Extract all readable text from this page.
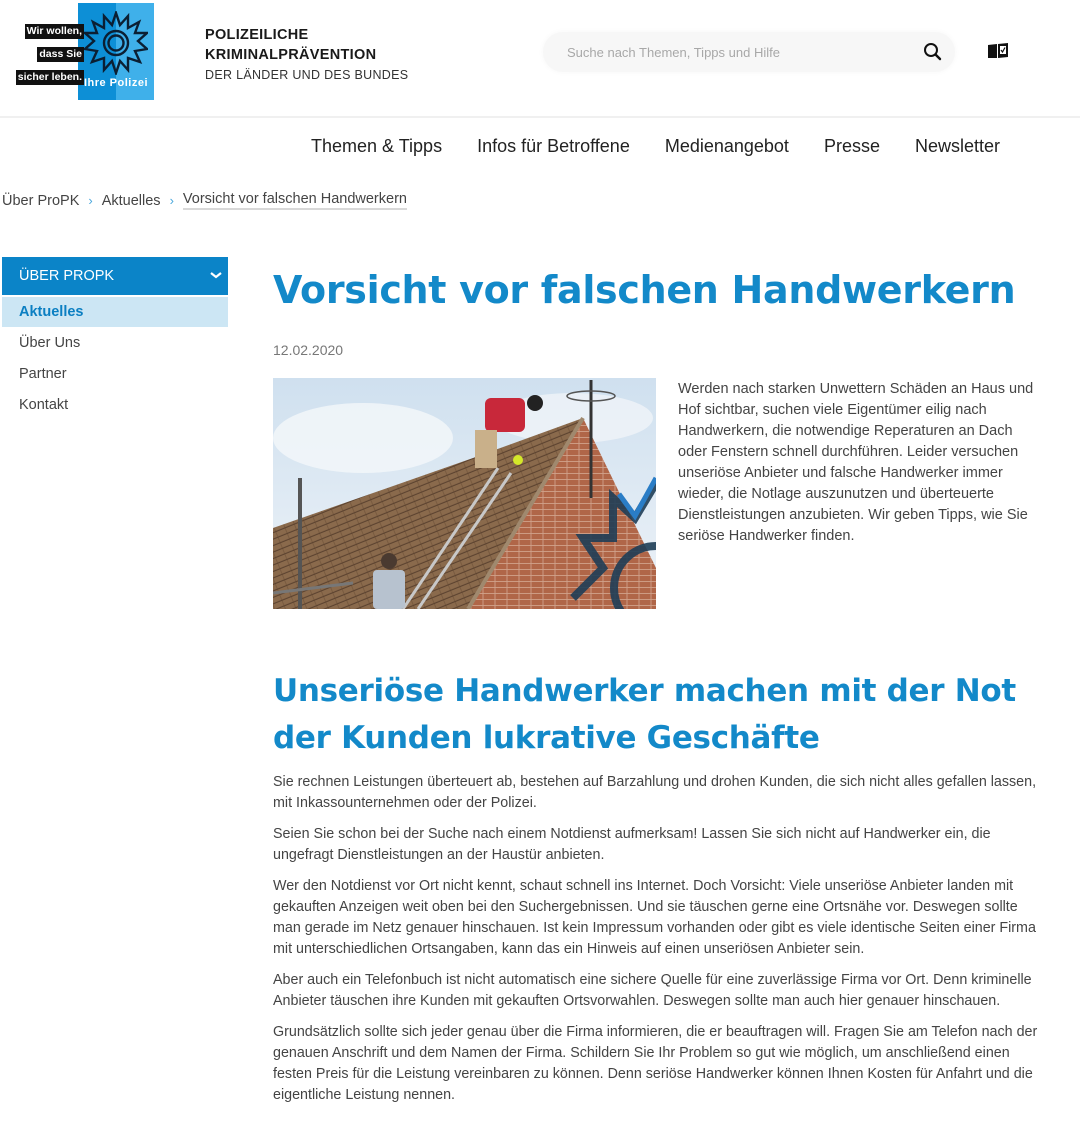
Ihre Polizei
Wir wollen,
dass Sie
sicher leben.
POLIZEILICHE
KRIMINALPRÄVENTION
DER LÄNDER UND DES BUNDES
Suche nach Themen, Tipps und Hilfe
Themen & Tipps Infos für Betroffene Medienangebot Presse Newsletter
Über ProPK › Aktuelles › Vorsicht vor falschen Handwerkern
ÜBER PROPK
Aktuelles
Über Uns
Partner
Kontakt
Vorsicht vor falschen Handwerkern
12.02.2020

Werden nach starken Unwettern Schäden an Haus und Hof sichtbar, suchen viele Eigentümer eilig nach Handwerkern, die notwendige Reperaturen an Dach oder Fenstern schnell durchführen. Leider versuchen unseriöse Anbieter und falsche Handwerker immer wieder, die Notlage auszunutzen und überteuerte Dienstleistungen anzubieten. Wir geben Tipps, wie Sie seriöse Handwerker finden.

Unseriöse Handwerker machen mit der Not der Kunden lukrative Geschäfte

Sie rechnen Leistungen überteuert ab, bestehen auf Barzahlung und drohen Kunden, die sich nicht alles gefallen lassen, mit Inkassounternehmen oder der Polizei.

Seien Sie schon bei der Suche nach einem Notdienst aufmerksam! Lassen Sie sich nicht auf Handwerker ein, die ungefragt Dienstleistungen an der Haustür anbieten.

Wer den Notdienst vor Ort nicht kennt, schaut schnell ins Internet. Doch Vorsicht: Viele unseriöse Anbieter landen mit gekauften Anzeigen weit oben bei den Suchergebnissen. Und sie täuschen gerne eine Ortsnähe vor. Deswegen sollte man gerade im Netz genauer hinschauen. Ist kein Impressum vorhanden oder gibt es viele identische Seiten einer Firma mit unterschiedlichen Ortsangaben, kann das ein Hinweis auf einen unseriösen Anbieter sein.

Aber auch ein Telefonbuch ist nicht automatisch eine sichere Quelle für eine zuverlässige Firma vor Ort. Denn kriminelle Anbieter täuschen ihre Kunden mit gekauften Ortsvorwahlen. Deswegen sollte man auch hier genauer hinschauen.

Grundsätzlich sollte sich jeder genau über die Firma informieren, die er beauftragen will. Fragen Sie am Telefon nach der genauen Anschrift und dem Namen der Firma. Schildern Sie Ihr Problem so gut wie möglich, um anschließend einen festen Preis für die Leistung vereinbaren zu können. Denn seriöse Handwerker können Ihnen Kosten für Anfahrt und die eigentliche Leistung nennen.
